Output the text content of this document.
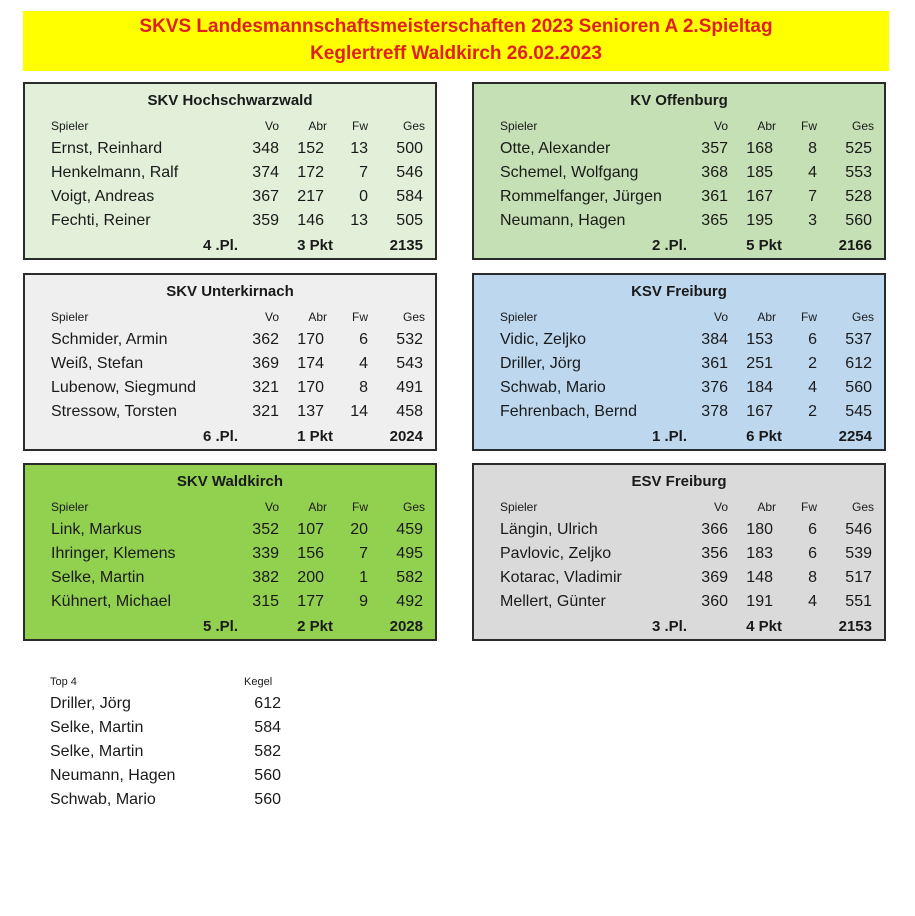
SKVS Landesmannschaftsmeisterschaften 2023 Senioren A 2.Spieltag
Keglertreff Waldkirch 26.02.2023
SKV Hochschwarzwald
Spieler	Vo Abr Fw	Ges
Ernst, Reinhard	348 152 13 500
Henkelmann, Ralf	374 172 7 546
Voigt, Andreas	367 217 0 584
Fechti, Reiner	359 146 13 505
4 .Pl.	3 Pkt	2135
KV Offenburg
Spieler	Vo Abr Fw	Ges
Otte, Alexander	357 168 8 525
Schemel, Wolfgang	368 185 4 553
Rommelfanger, Jürgen 361 167 7 528
Neumann, Hagen	365 195 3 560
2 .Pl.	5 Pkt	2166
SKV Unterkirnach
Spieler	Vo Abr Fw	Ges
Schmider, Armin	362 170 6 532
Weiß, Stefan	369 174 4 543
Lubenow, Siegmund	321 170 8 491
Stressow, Torsten	321 137 14 458
6 .Pl.	1 Pkt	2024
KSV Freiburg
Spieler	Vo Abr Fw	Ges
Vidic, Zeljko	384 153 6 537
Driller, Jörg	361 251 2 612
Schwab, Mario	376 184 4 560
Fehrenbach, Bernd	378 167 2 545
1 .Pl.	6 Pkt	2254
SKV Waldkirch
Spieler	Vo Abr Fw	Ges
Link, Markus	352 107 20 459
Ihringer, Klemens	339 156 7 495
Selke, Martin	382 200 1 582
Kühnert, Michael	315 177 9 492
5 .Pl.	2 Pkt	2028
ESV Freiburg
Spieler	Vo Abr Fw	Ges
Längin, Ulrich	366 180 6 546
Pavlovic, Zeljko	356 183 6 539
Kotarac, Vladimir	369 148 8 517
Mellert, Günter	360 191 4 551
3 .Pl.	4 Pkt	2153
Top 4	Kegel
Driller, Jörg	612
Selke, Martin	584
Selke, Martin	582
Neumann, Hagen	560
Schwab, Mario	560
